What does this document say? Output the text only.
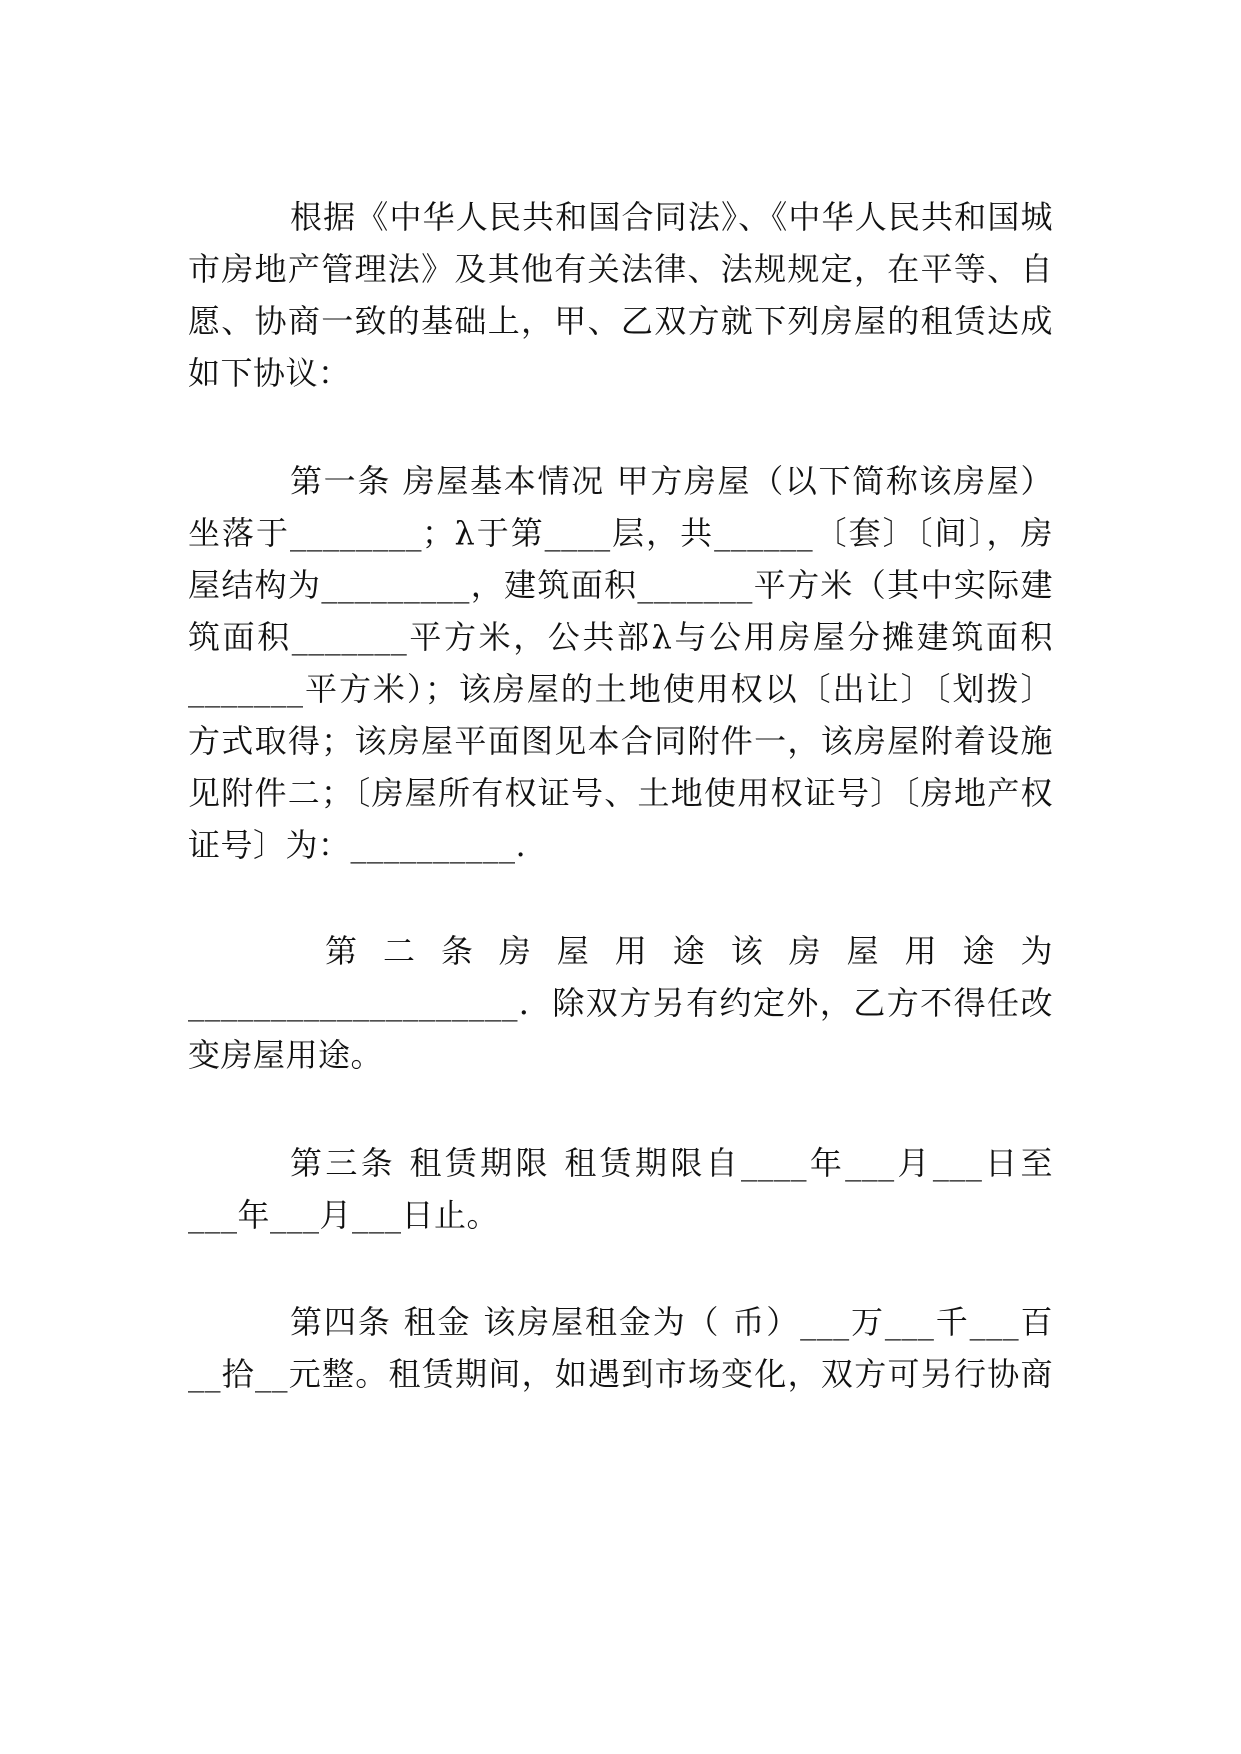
根据《中华人民共和国合同法》、《中华人民共和国城
市房地产管理法》及其他有关法律、法规规定，在平等、自
愿、协商一致的基础上，甲、乙双方就下列房屋的租赁达成
如下协议：
第一条 房屋基本情况 甲方房屋（以下简称该房屋）
坐落于________；λ于第____层，共______〔套〕〔间〕，房
屋结构为_________，建筑面积_______平方米（其中实际建
筑面积_______平方米，公共部λ与公用房屋分摊建筑面积
_______平方米）；该房屋的土地使用权以〔出让〕〔划拨〕
方式取得；该房屋平面图见本合同附件一，该房屋附着设施
见附件二；〔房屋所有权证号、土地使用权证号〕〔房地产权
证号〕为：__________.
第 二 条 房 屋 用 途 该 房 屋 用 途 为
____________________．除双方另有约定外，乙方不得任改
变房屋用途。
第三条 租赁期限 租赁期限自____年___月___日至
___年___月___日止。
第四条 租金 该房屋租金为（ 币）___万___千___百
__拾__元整。租赁期间，如遇到市场变化，双方可另行协商
